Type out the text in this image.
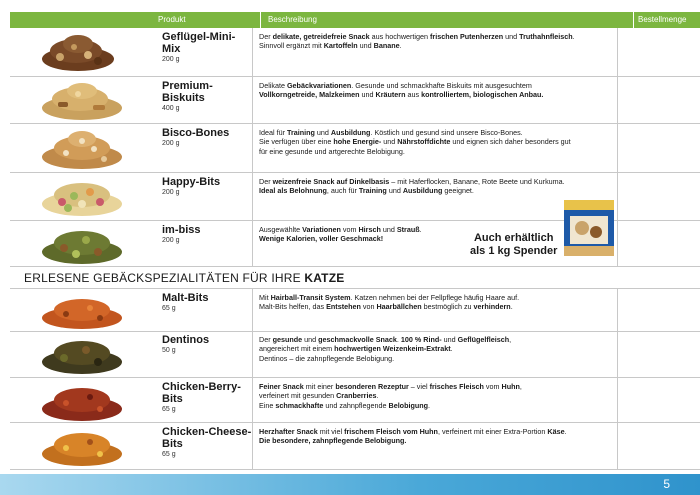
Produkt	Beschreibung	Bestellmenge
Geflügel-Mini-Mix
200 g
Der delikate, getreidefreie Snack aus hochwertigen frischen Putenherzen und Truthahnfleisch.
Sinnvoll ergänzt mit Kartoffeln und Banane.
Premium-Biskuits
400 g
Delikate Gebäckvariationen. Gesunde und schmackhafte Biskuits mit ausgesuchtem
Vollkorngetreide, Malzkeimen und Kräutern aus kontrolliertem, biologischen Anbau.
Bisco-Bones
200 g
Ideal für Training und Ausbildung. Köstlich und gesund sind unsere Bisco-Bones.
Sie verfügen über eine hohe Energie- und Nährstoffdichte und eignen sich daher besonders gut
für eine gesunde und artgerechte Belobigung.
Happy-Bits
200 g
Der weizenfreie Snack auf Dinkelbasis – mit Haferflocken, Banane, Rote Beete und Kurkuma.
Ideal als Belohnung, auch für Training und Ausbildung geeignet.
im-biss
200 g
Ausgewählte Variationen vom Hirsch und Strauß.
Wenige Kalorien, voller Geschmack!	Auch erhältlich
als 1 kg Spender
ERLESENE GEBÄCKSPEZIALITÄTEN FÜR IHRE KATZE
Malt-Bits
65 g
Mit Hairball-Transit System. Katzen nehmen bei der Fellpflege häufig Haare auf.
Malt-Bits helfen, das Entstehen von Haarbällchen bestmöglich zu verhindern.
Dentinos
50 g
Der gesunde und geschmackvolle Snack. 100 % Rind- und Geflügelfleisch,
angereichert mit einem hochwertigen Weizenkeim-Extrakt.
Dentinos – die zahnpflegende Belobigung.
Chicken-Berry-Bits
65 g
Feiner Snack mit einer besonderen Rezeptur – viel frisches Fleisch vom Huhn,
verfeinert mit gesunden Cranberries.
Eine schmackhafte und zahnpflegende Belobigung.
Chicken-Cheese-Bits
65 g
Herzhafter Snack mit viel frischem Fleisch vom Huhn, verfeinert mit einer Extra-Portion Käse.
Die besondere, zahnpflegende Belobigung.
5
